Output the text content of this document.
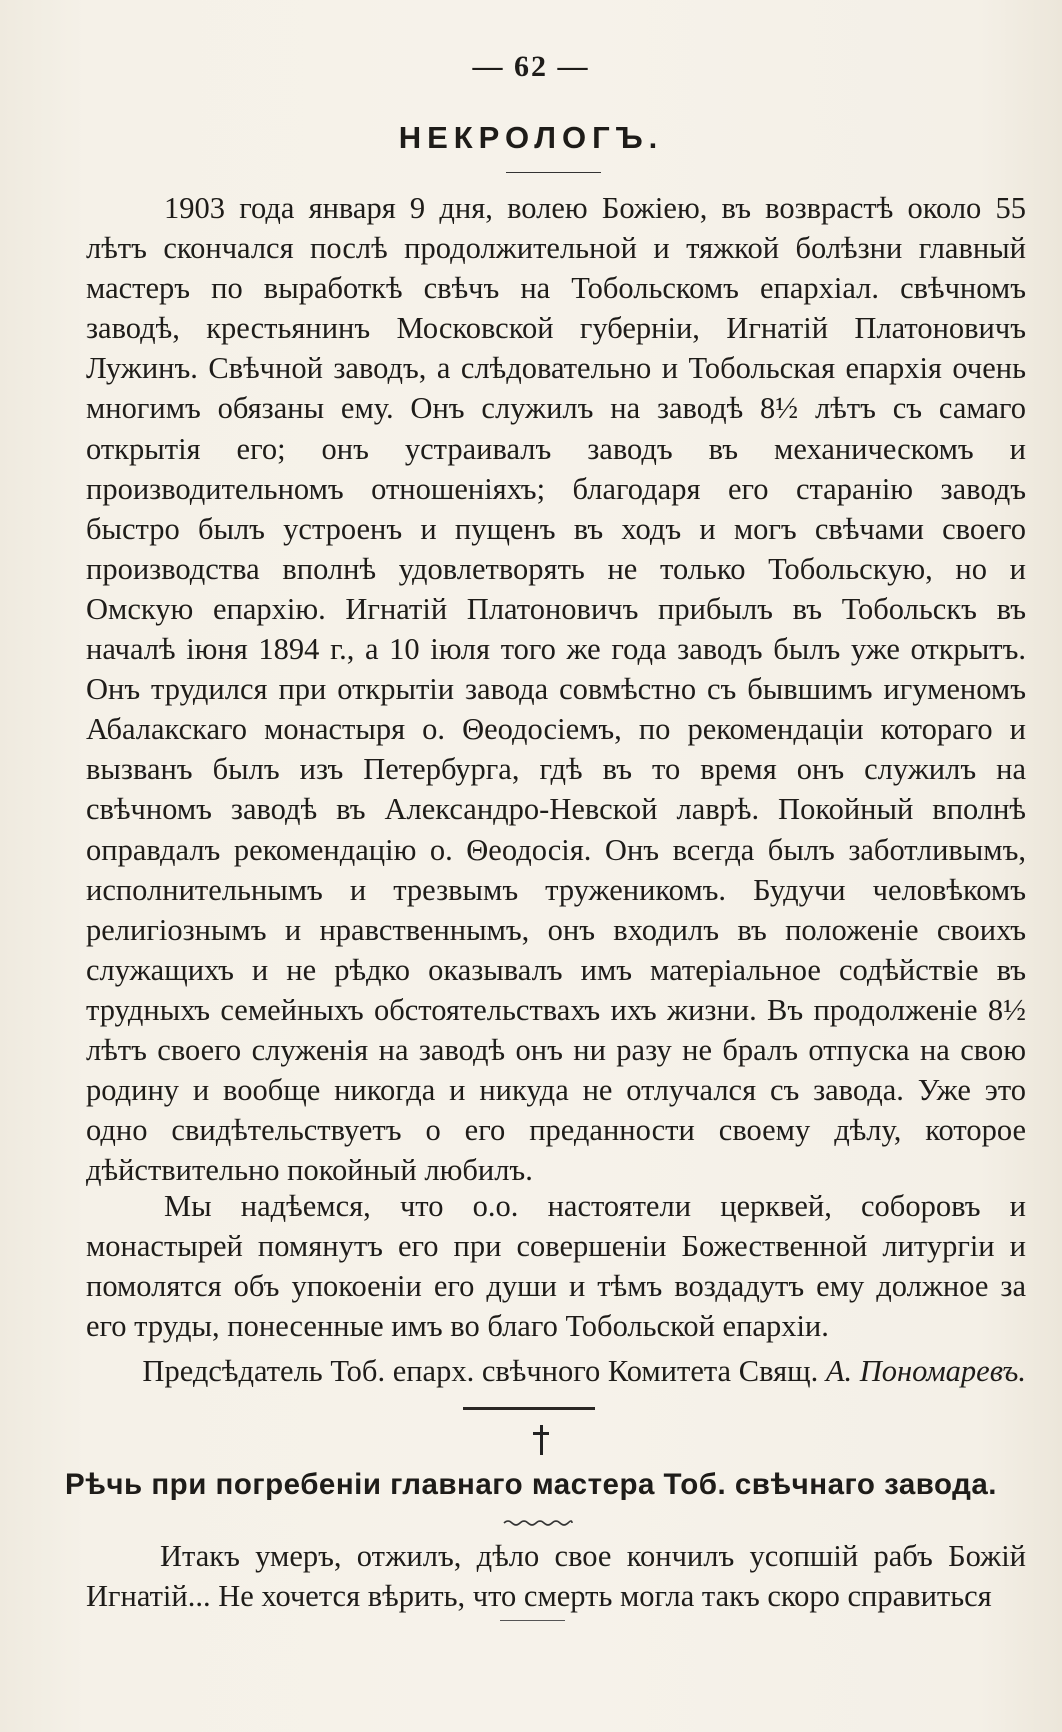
— 62 —
НЕКРОЛОГЪ.

1903 года января 9 дня, волею Божiею, въ возврастѣ около 55 лѣтъ скончался послѣ продолжительной и тяжкой болѣзни главный мастеръ по выработкѣ свѣчъ на Тобольскомъ епархiал. свѣчномъ заводѣ, крестьянинъ Московской губернiи, Игнатiй Платоновичъ Лужинъ. Свѣчной заводъ, а слѣдовательно и Тобольская епархiя очень многимъ обязаны ему. Онъ служилъ на заводѣ 8½ лѣтъ съ самаго открытiя его; онъ устраивалъ заводъ въ механическомъ и производительномъ отношенiяхъ; благодаря его старанiю заводъ быстро былъ устроенъ и пущенъ въ ходъ и могъ свѣчами своего производства вполнѣ удовлетворять не только Тобольскую, но и Омскую епархiю. Игнатiй Платоновичъ прибылъ въ Тобольскъ въ началѣ iюня 1894 г., а 10 iюля того же года заводъ былъ уже открытъ. Онъ трудился при открытiи завода совмѣстно съ бывшимъ игуменомъ Абалакскаго монастыря о. Θеодосiемъ, по рекомендацiи котораго и вызванъ былъ изъ Петербурга, гдѣ въ то время онъ служилъ на свѣчномъ заводѣ въ Александро-Невской лаврѣ. Покойный вполнѣ оправдалъ рекомендацiю о. Θеодосiя. Онъ всегда былъ заботливымъ, исполнительнымъ и трезвымъ труженикомъ. Будучи человѣкомъ религiознымъ и нравственнымъ, онъ входилъ въ положенiе своихъ служащихъ и не рѣдко оказывалъ имъ матерiальное содѣйствiе въ трудныхъ семейныхъ обстоятельствахъ ихъ жизни. Въ продолженiе 8½ лѣтъ своего служенiя на заводѣ онъ ни разу не бралъ отпуска на свою родину и вообще никогда и никуда не отлучался съ завода. Уже это одно свидѣтельствуетъ о его преданности своему дѣлу, которое дѣйствительно покойный любилъ.

Мы надѣемся, что о.о. настоятели церквей, соборовъ и монастырей помянутъ его при совершенiи Божественной литургiи и помолятся объ упокоенiи его души и тѣмъ воздадутъ ему должное за его труды, понесенные имъ во благо Тобольской епархiи.

Предсѣдатель Тоб. епарх. свѣчного Комитета Свящ. А. Пономаревъ.
Рѣчь при погребенiи главнаго мастера Тоб. свѣчнаго завода.

Итакъ умеръ, отжилъ, дѣло свое кончилъ усопшiй рабъ Божiй Игнатiй... Не хочется вѣрить, что смерть могла такъ скоро справиться
